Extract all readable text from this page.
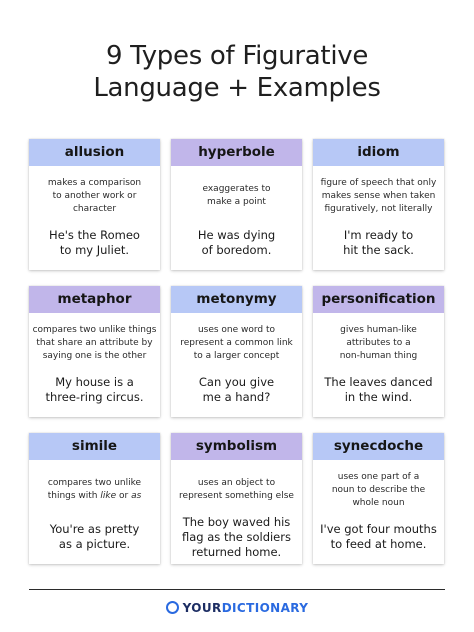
9 Types of Figurative
Language + Examples
allusion
makes a comparison
to another work or
character
He's the Romeo
to my Juliet.
hyperbole
exaggerates to
make a point
He was dying
of boredom.
idiom
figure of speech that only
makes sense when taken
figuratively, not literally
I'm ready to
hit the sack.
metaphor
compares two unlike things
that share an attribute by
saying one is the other
My house is a
three-ring circus.
metonymy
uses one word to
represent a common link
to a larger concept
Can you give
me a hand?
personification
gives human-like
attributes to a
non-human thing
The leaves danced
in the wind.
simile
compares two unlike
things with like or as
You're as pretty
as a picture.
symbolism
uses an object to
represent something else
The boy waved his
flag as the soldiers
returned home.
synecdoche
uses one part of a
noun to describe the
whole noun
I've got four mouths
to feed at home.
YOURDICTIONARY
